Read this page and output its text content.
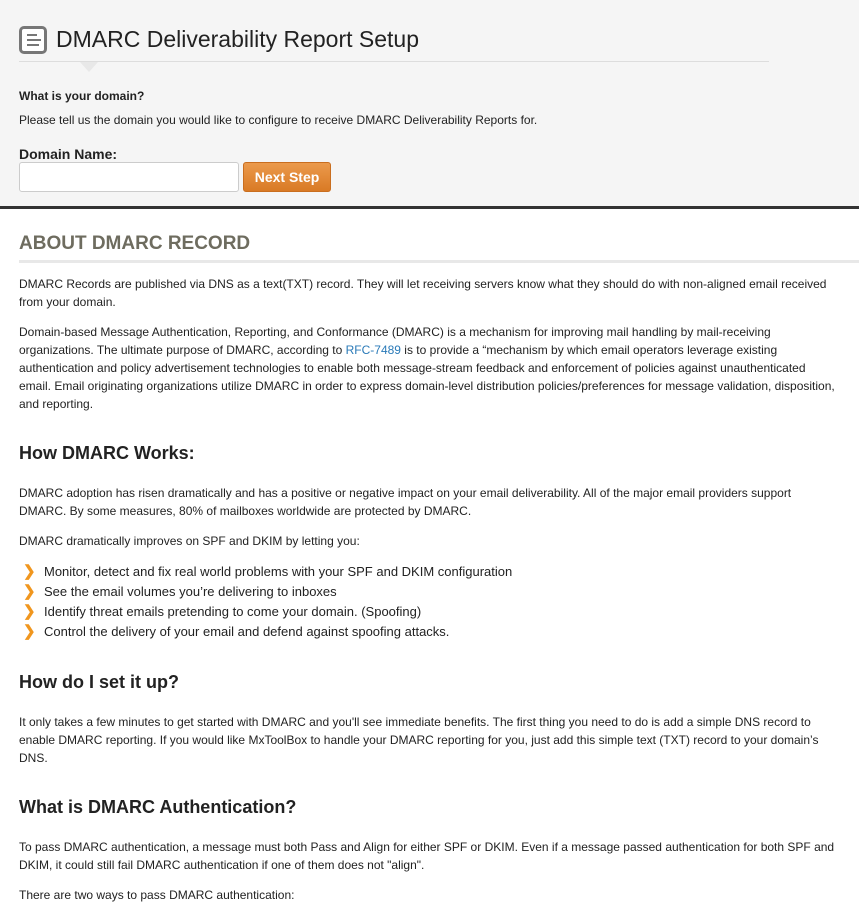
DMARC Deliverability Report Setup
What is your domain?
Please tell us the domain you would like to configure to receive DMARC Deliverability Reports for.
Domain Name:
Next Step
ABOUT DMARC RECORD

DMARC Records are published via DNS as a text(TXT) record. They will let receiving servers know what they should do with non-aligned email received from your domain.

Domain-based Message Authentication, Reporting, and Conformance (DMARC) is a mechanism for improving mail handling by mail-receiving organizations. The ultimate purpose of DMARC, according to RFC-7489 is to provide a “mechanism by which email operators leverage existing authentication and policy advertisement technologies to enable both message-stream feedback and enforcement of policies against unauthenticated email. Email originating organizations utilize DMARC in order to express domain-level distribution policies/preferences for message validation, disposition, and reporting.

How DMARC Works:

DMARC adoption has risen dramatically and has a positive or negative impact on your email deliverability. All of the major email providers support DMARC. By some measures, 80% of mailboxes worldwide are protected by DMARC.

DMARC dramatically improves on SPF and DKIM by letting you:

❯ Monitor, detect and fix real world problems with your SPF and DKIM configuration
❯ See the email volumes you’re delivering to inboxes
❯ Identify threat emails pretending to come your domain. (Spoofing)
❯ Control the delivery of your email and defend against spoofing attacks.
How do I set it up?

It only takes a few minutes to get started with DMARC and you'll see immediate benefits. The first thing you need to do is add a simple DNS record to enable DMARC reporting. If you would like MxToolBox to handle your DMARC reporting for you, just add this simple text (TXT) record to your domain’s DNS.

What is DMARC Authentication?

To pass DMARC authentication, a message must both Pass and Align for either SPF or DKIM. Even if a message passed authentication for both SPF and DKIM, it could still fail DMARC authentication if one of them does not "align".

There are two ways to pass DMARC authentication:
